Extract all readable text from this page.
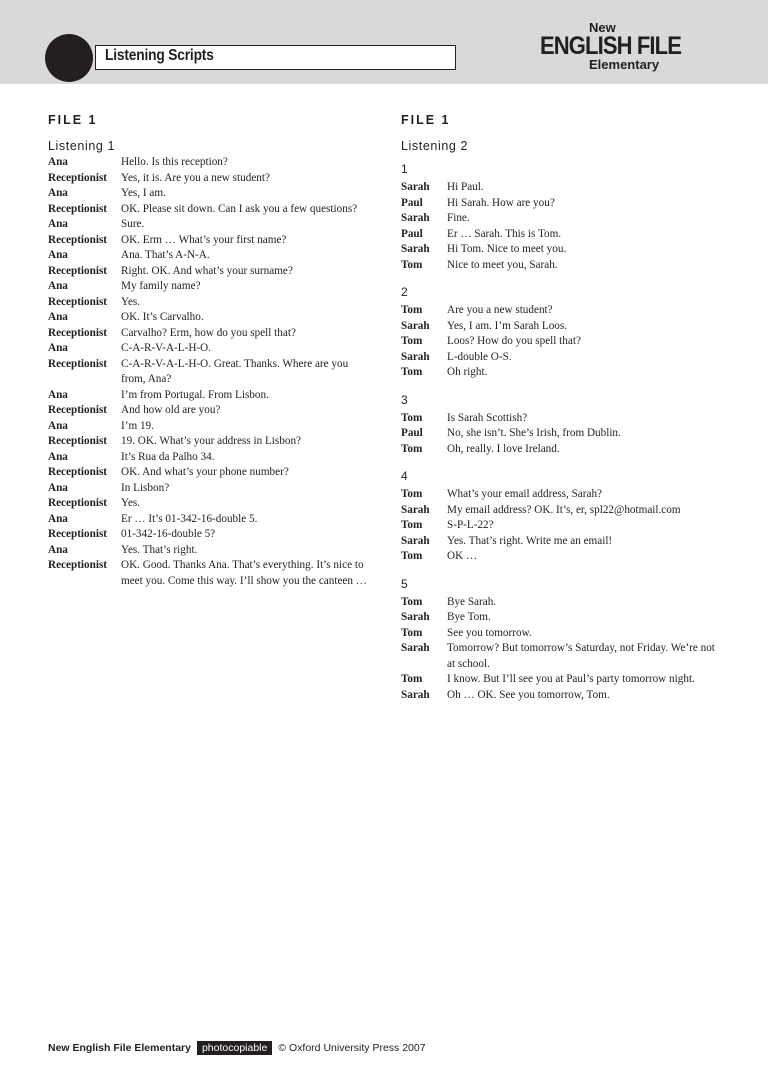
Listening Scripts
New
ENGLISH FILE
Elementary
FILE 1
Listening 1
Ana	Hello. Is this reception?
Receptionist	Yes, it is. Are you a new student?
Ana	Yes, I am.
Receptionist	OK. Please sit down. Can I ask you a few questions?
Ana	Sure.
Receptionist	OK. Erm … What’s your first name?
Ana	Ana. That’s A-N-A.
Receptionist	Right. OK. And what’s your surname?
Ana	My family name?
Receptionist	Yes.
Ana	OK. It’s Carvalho.
Receptionist	Carvalho? Erm, how do you spell that?
Ana	C-A-R-V-A-L-H-O.
Receptionist	C-A-R-V-A-L-H-O. Great. Thanks. Where are you from, Ana?
Ana	I’m from Portugal. From Lisbon.
Receptionist	And how old are you?
Ana	I’m 19.
Receptionist	19. OK. What’s your address in Lisbon?
Ana	It’s Rua da Palho 34.
Receptionist	OK. And what’s your phone number?
Ana	In Lisbon?
Receptionist	Yes.
Ana	Er … It’s 01-342-16-double 5.
Receptionist	01-342-16-double 5?
Ana	Yes. That’s right.
Receptionist	OK. Good. Thanks Ana. That’s everything. It’s nice to meet you. Come this way. I’ll show you the canteen …
FILE 1
Listening 2
1
Sarah	Hi Paul.
Paul	Hi Sarah. How are you?
Sarah	Fine.
Paul	Er … Sarah. This is Tom.
Sarah	Hi Tom. Nice to meet you.
Tom	Nice to meet you, Sarah.
2
Tom	Are you a new student?
Sarah	Yes, I am. I’m Sarah Loos.
Tom	Loos? How do you spell that?
Sarah	L-double O-S.
Tom	Oh right.
3
Tom	Is Sarah Scottish?
Paul	No, she isn’t. She’s Irish, from Dublin.
Tom	Oh, really. I love Ireland.
4
Tom	What’s your email address, Sarah?
Sarah	My email address? OK. It’s, er, spl22@hotmail.com
Tom	S-P-L-22?
Sarah	Yes. That’s right. Write me an email!
Tom	OK …
5
Tom	Bye Sarah.
Sarah	Bye Tom.
Tom	See you tomorrow.
Sarah	Tomorrow? But tomorrow’s Saturday, not Friday. We’re not at school.
Tom	I know. But I’ll see you at Paul’s party tomorrow night.
Sarah	Oh … OK. See you tomorrow, Tom.
New English File Elementary	photocopiable	© Oxford University Press 2007
